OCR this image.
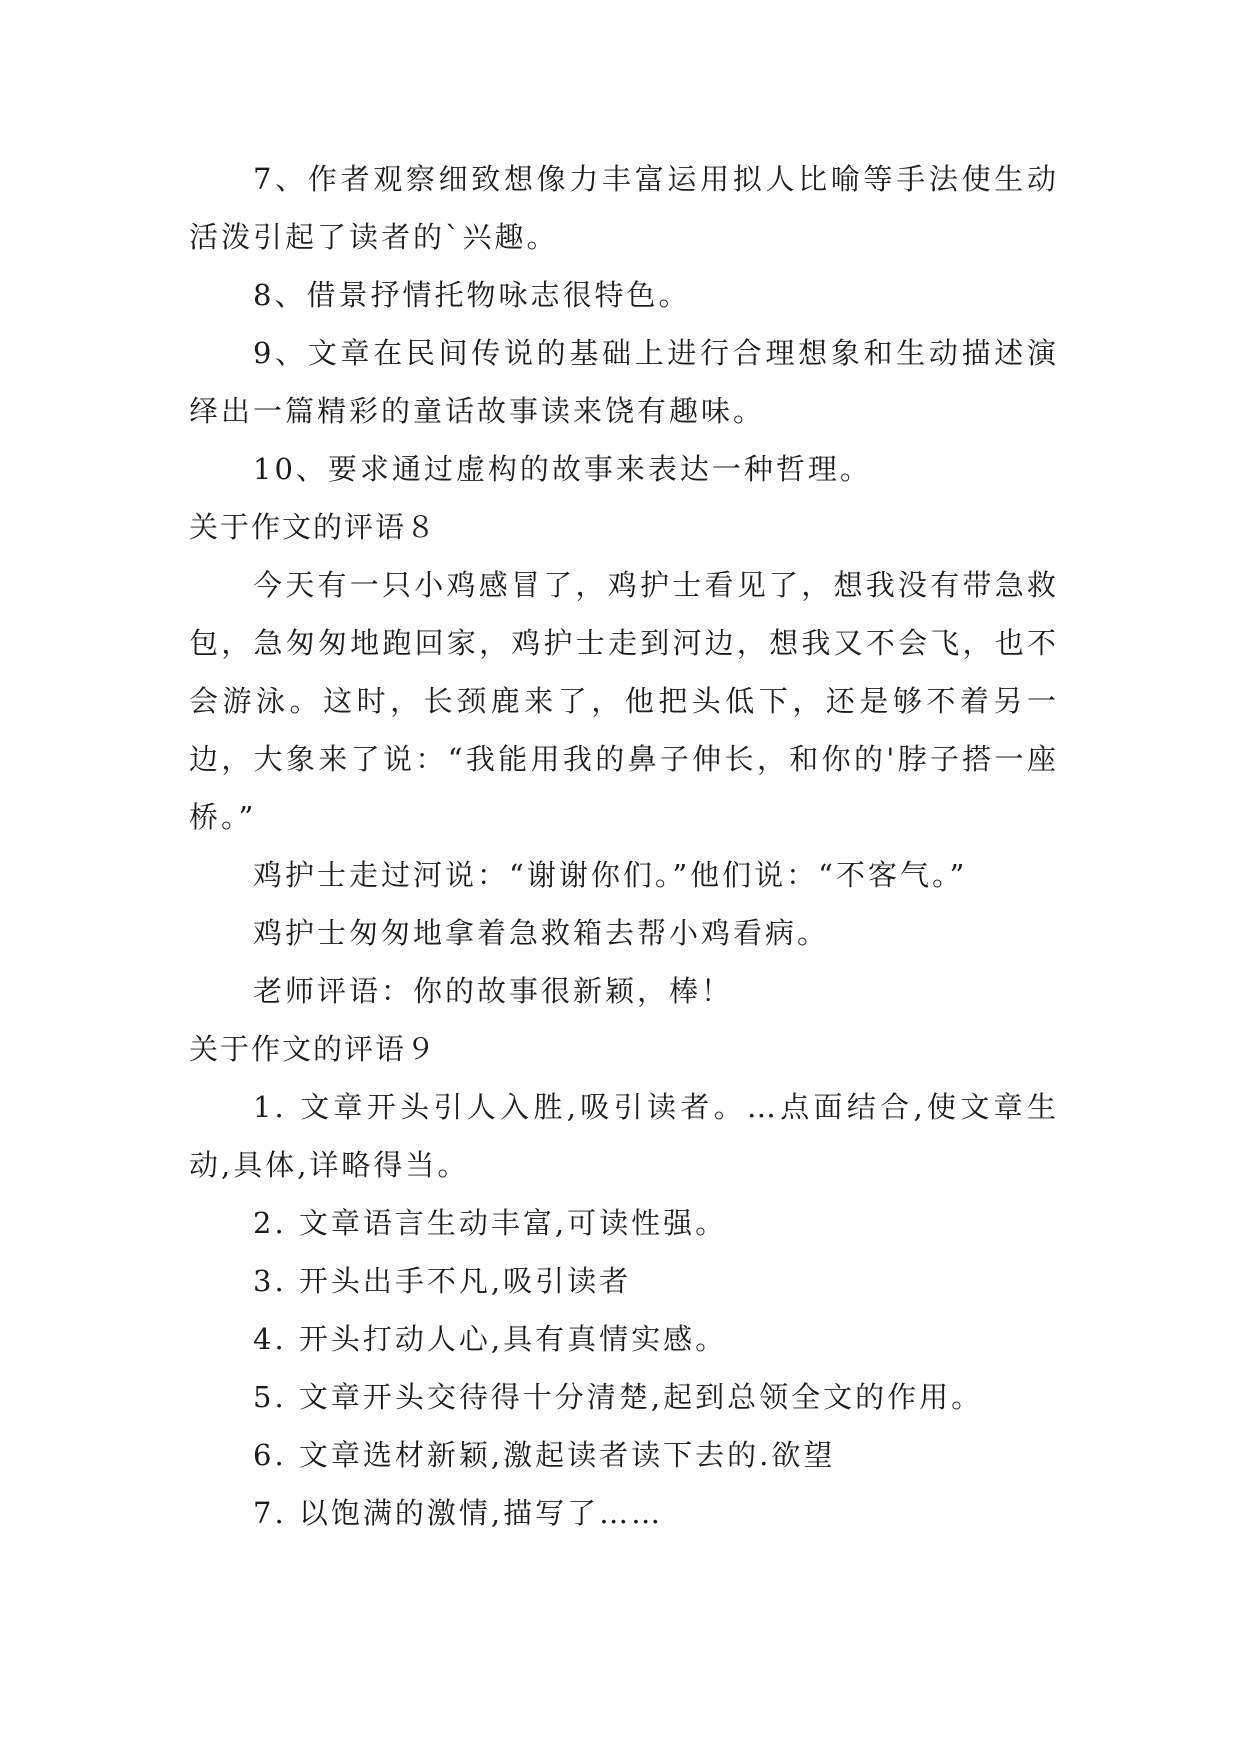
7、作者观察细致想像力丰富运用拟人比喻等手法使生动活泼引起了读者的`兴趣。

8、借景抒情托物咏志很特色。

9、文章在民间传说的基础上进行合理想象和生动描述演绎出一篇精彩的童话故事读来饶有趣味。

10、要求通过虚构的故事来表达一种哲理。

关于作文的评语８

今天有一只小鸡感冒了，鸡护士看见了，想我没有带急救包，急匆匆地跑回家，鸡护士走到河边，想我又不会飞，也不会游泳。这时，长颈鹿来了，他把头低下，还是够不着另一边，大象来了说：“我能用我的鼻子伸长，和你的'脖子搭一座桥。”

鸡护士走过河说：“谢谢你们。”他们说：“不客气。”

鸡护士匆匆地拿着急救箱去帮小鸡看病。

老师评语：你的故事很新颖，棒！

关于作文的评语９

1. 文章开头引人入胜,吸引读者。…点面结合,使文章生动,具体,详略得当。

2. 文章语言生动丰富,可读性强。

3. 开头出手不凡,吸引读者

4. 开头打动人心,具有真情实感。

5. 文章开头交待得十分清楚,起到总领全文的作用。

6. 文章选材新颖,激起读者读下去的.欲望

7. 以饱满的激情,描写了……
